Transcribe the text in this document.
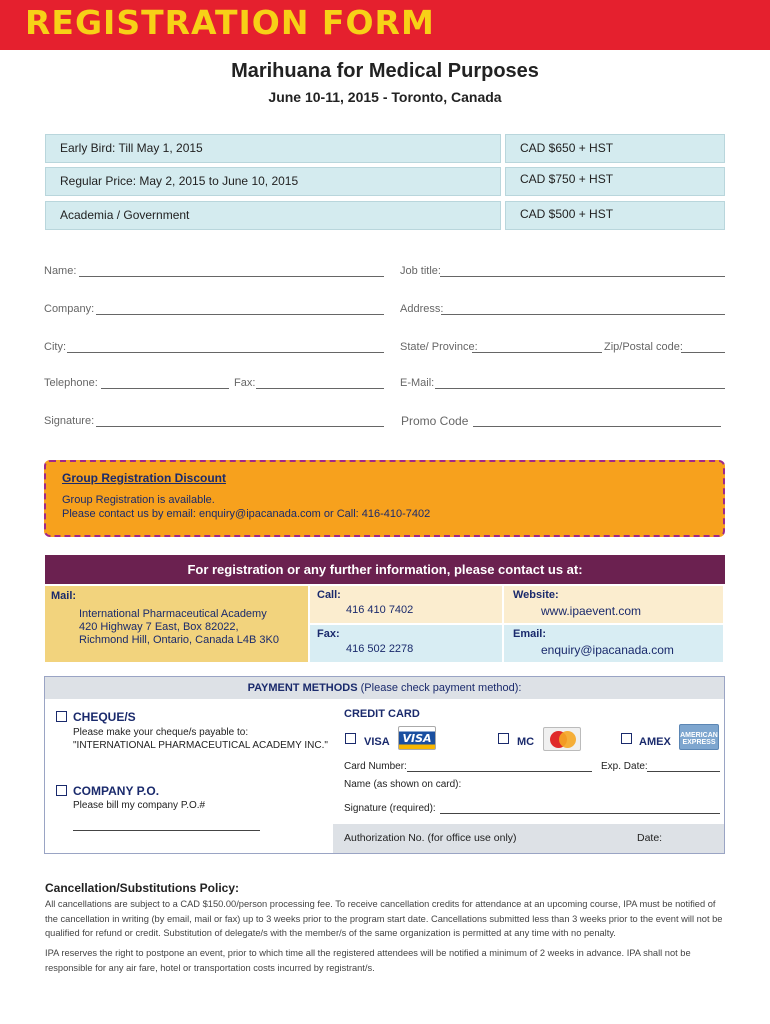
REGISTRATION FORM
Marihuana for Medical Purposes
June 10-11, 2015 - Toronto, Canada
Early Bird: Till May 1, 2015	CAD $650 + HST
Regular Price: May 2, 2015 to June 10, 2015	CAD $750 + HST
Academia / Government	CAD $500 + HST
Name:	Job title:
Company:	Address:
City:	State/ Province:	Zip/Postal code:
Telephone:	Fax:	E-Mail:
Signature:	Promo Code
Group Registration Discount
Group Registration is available.
Please contact us by email: enquiry@ipacanada.com or Call: 416-410-7402
For registration or any further information, please contact us at:
Mail:
International Pharmaceutical Academy
420 Highway 7 East, Box 82022,
Richmond Hill, Ontario, Canada L4B 3K0
Call:
416 410 7402
Website:
www.ipaevent.com
Fax:
416 502 2278
Email:
enquiry@ipacanada.com
PAYMENT METHODS (Please check payment method):
CHEQUE/S
Please make your cheque/s payable to:
"INTERNATIONAL PHARMACEUTICAL ACADEMY INC."
COMPANY P.O.
Please bill my company P.O.#
CREDIT CARD
VISA	VISA	MC	AMEX
AMERICAN EXPRESS
Card Number:	Exp. Date:
Name (as shown on card):
Signature (required):
Authorization No. (for office use only)	Date:
Cancellation/Substitutions Policy:
All cancellations are subject to a CAD $150.00/person processing fee. To receive cancellation credits for attendance at an upcoming course, IPA must be notified of the cancellation in writing (by email, mail or fax) up to 3 weeks prior to the program start date. Cancellations submitted less than 3 weeks prior to the event will not be qualified for refund or credit. Substitution of delegate/s with the member/s of the same organization is permitted at any time with no penalty.
IPA reserves the right to postpone an event, prior to which time all the registered attendees will be notified a minimum of 2 weeks in advance. IPA shall not be responsible for any air fare, hotel or transportation costs incurred by registrant/s.
